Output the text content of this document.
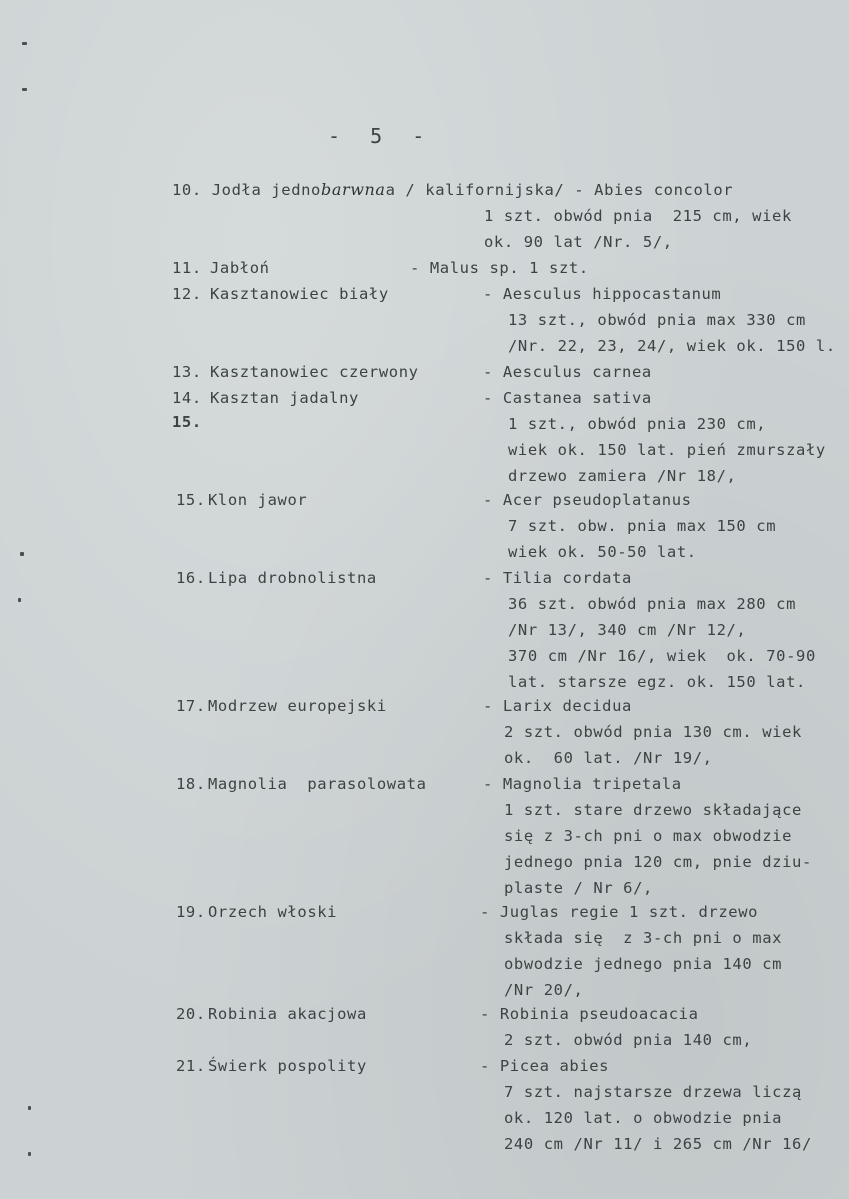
-  5  -
10. Jodła jednobarwnaa / kalifornijska/ - Abies concolor
1 szt. obwód pnia  215 cm, wiek
ok. 90 lat /Nr. 5/,
11. Jabłoń	- Malus sp. 1 szt.
12. Kasztanowiec biały	- Aesculus hippocastanum
13 szt., obwód pnia max 330 cm
/Nr. 22, 23, 24/, wiek ok. 150 l.
13. Kasztanowiec czerwony	- Aesculus carnea
14. Kasztan jadalny	- Castanea sativa
15.	1 szt., obwód pnia 230 cm,
wiek ok. 150 lat. pień zmurszały
drzewo zamiera /Nr 18/,
15. Klon jawor	- Acer pseudoplatanus
7 szt. obw. pnia max 150 cm
wiek ok. 50-50 lat.
16. Lipa drobnolistna	- Tilia cordata
36 szt. obwód pnia max 280 cm
/Nr 13/, 340 cm /Nr 12/,
370 cm /Nr 16/, wiek  ok. 70-90
lat. starsze egz. ok. 150 lat.
17. Modrzew europejski	- Larix decidua
2 szt. obwód pnia 130 cm. wiek
ok.  60 lat. /Nr 19/,
18. Magnolia  parasolowata	- Magnolia tripetala
1 szt. stare drzewo składające
się z 3-ch pni o max obwodzie
jednego pnia 120 cm, pnie dziu-
plaste / Nr 6/,
19. Orzech włoski	- Juglas regie 1 szt. drzewo
składa się  z 3-ch pni o max
obwodzie jednego pnia 140 cm
/Nr 20/,
20. Robinia akacjowa	- Robinia pseudoacacia
2 szt. obwód pnia 140 cm,
21. Świerk pospolity	- Picea abies
7 szt. najstarsze drzewa liczą
ok. 120 lat. o obwodzie pnia
240 cm /Nr 11/ i 265 cm /Nr 16/
